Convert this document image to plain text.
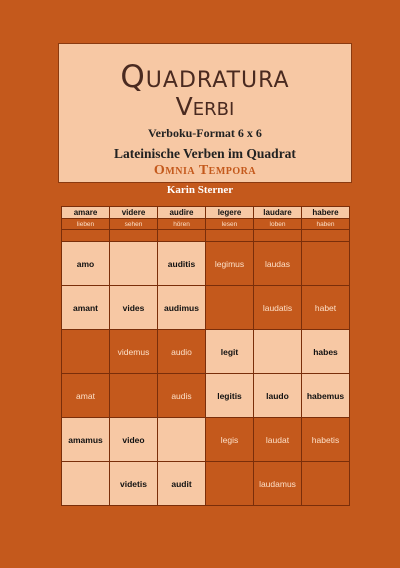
Quadratura
Verbi
Verboku-Format 6 x 6
Lateinische Verben im Quadrat
Omnia Tempora
Karin Sterner
amare	videre	audire	legere	laudare	habere
lieben	sehen	hören	lesen	loben	haben

amo		auditis	legimus	laudas	
amant	vides	audimus		laudatis	habet
	videmus	audio	legit		habes
amat		audis	legitis	laudo	habemus
amamus	video		legis	laudat	habetis
	videtis	audit		laudamus	
